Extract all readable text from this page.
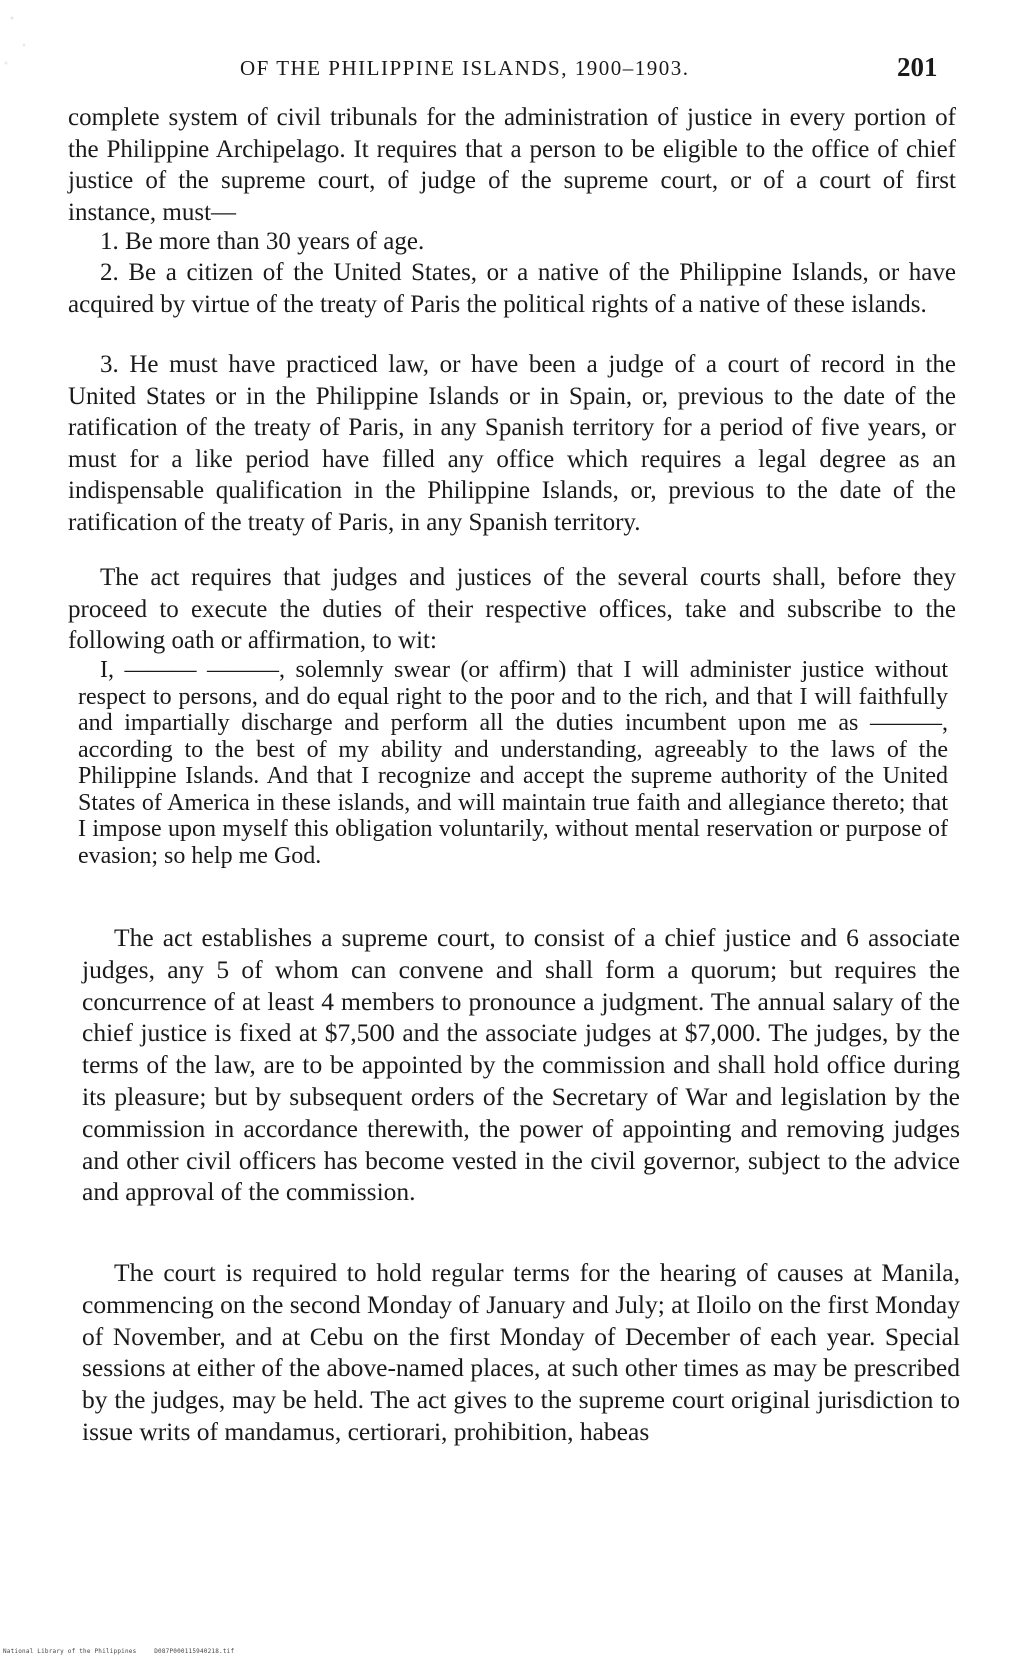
OF THE PHILIPPINE ISLANDS, 1900–1903.	201

complete system of civil tribunals for the administration of justice in every portion of the Philippine Archipelago. It requires that a person to be eligible to the office of chief justice of the supreme court, of judge of the supreme court, or of a court of first instance, must—

1. Be more than 30 years of age.

2. Be a citizen of the United States, or a native of the Philippine Islands, or have acquired by virtue of the treaty of Paris the political rights of a native of these islands.

3. He must have practiced law, or have been a judge of a court of record in the United States or in the Philippine Islands or in Spain, or, previous to the date of the ratification of the treaty of Paris, in any Spanish territory for a period of five years, or must for a like period have filled any office which requires a legal degree as an indispensable qualification in the Philippine Islands, or, previous to the date of the ratification of the treaty of Paris, in any Spanish territory.

The act requires that judges and justices of the several courts shall, before they proceed to execute the duties of their respective offices, take and subscribe to the following oath or affirmation, to wit:

I, ——— ———, solemnly swear (or affirm) that I will administer justice without respect to persons, and do equal right to the poor and to the rich, and that I will faithfully and impartially discharge and perform all the duties incumbent upon me as ———, according to the best of my ability and understanding, agreeably to the laws of the Philippine Islands. And that I recognize and accept the supreme authority of the United States of America in these islands, and will maintain true faith and allegiance thereto; that I impose upon myself this obligation voluntarily, without mental reservation or purpose of evasion; so help me God.

The act establishes a supreme court, to consist of a chief justice and 6 associate judges, any 5 of whom can convene and shall form a quorum; but requires the concurrence of at least 4 members to pronounce a judgment. The annual salary of the chief justice is fixed at $7,500 and the associate judges at $7,000. The judges, by the terms of the law, are to be appointed by the commission and shall hold office during its pleasure; but by subsequent orders of the Secretary of War and legislation by the commission in accordance therewith, the power of appointing and removing judges and other civil officers has become vested in the civil governor, subject to the advice and approval of the commission.

The court is required to hold regular terms for the hearing of causes at Manila, commencing on the second Monday of January and July; at Iloilo on the first Monday of November, and at Cebu on the first Monday of December of each year. Special sessions at either of the above-named places, at such other times as may be prescribed by the judges, may be held. The act gives to the supreme court original jurisdiction to issue writs of mandamus, certiorari, prohibition, habeas

National Library of the Philippines	D087P000115940218.tif
